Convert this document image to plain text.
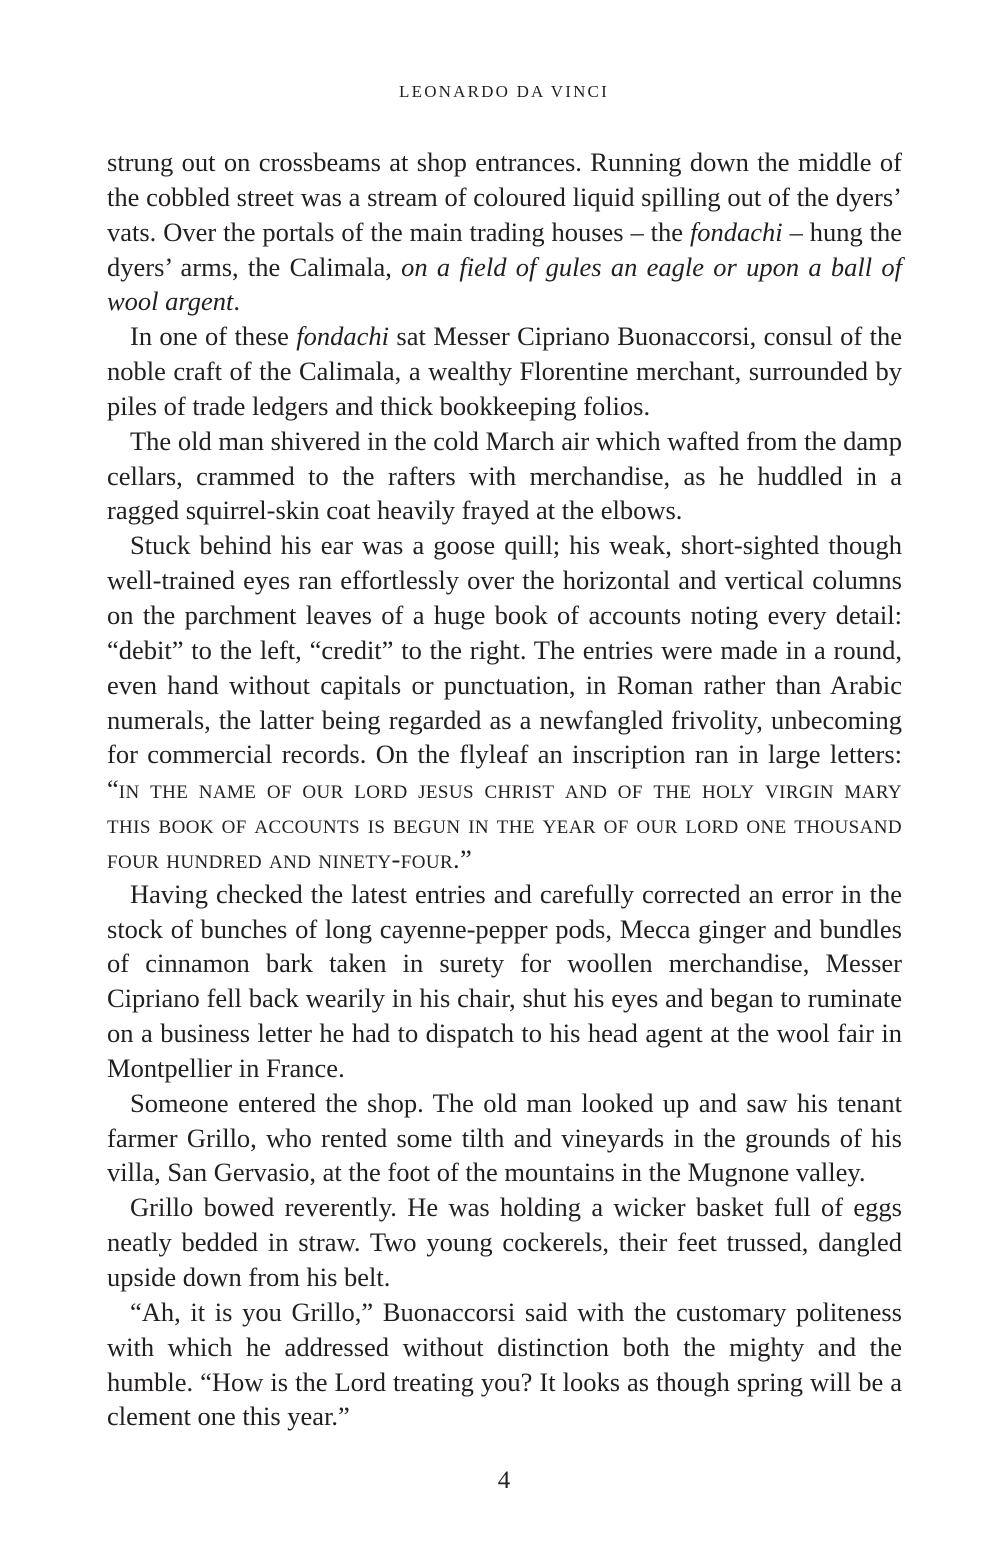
LEONARDO DA VINCI

strung out on crossbeams at shop entrances. Running down the middle of the cobbled street was a stream of coloured liquid spilling out of the dyers’ vats. Over the portals of the main trading houses – the fondachi – hung the dyers’ arms, the Calimala, on a field of gules an eagle or upon a ball of wool argent.

In one of these fondachi sat Messer Cipriano Buonaccorsi, consul of the noble craft of the Calimala, a wealthy Florentine merchant, surrounded by piles of trade ledgers and thick bookkeeping folios.

The old man shivered in the cold March air which wafted from the damp cellars, crammed to the rafters with merchandise, as he huddled in a ragged squirrel-skin coat heavily frayed at the elbows.

Stuck behind his ear was a goose quill; his weak, short-sighted though well-trained eyes ran effortlessly over the horizontal and vertical columns on the parchment leaves of a huge book of accounts noting every detail: “debit” to the left, “credit” to the right. The entries were made in a round, even hand without capitals or punctuation, in Roman rather than Arabic numerals, the latter being regarded as a newfangled frivolity, unbecoming for commercial records. On the flyleaf an inscription ran in large letters: “in the name of our lord jesus christ and of the holy virgin mary this book of accounts is begun in the year of our lord one thousand four hundred and ninety-four.”

Having checked the latest entries and carefully corrected an error in the stock of bunches of long cayenne-pepper pods, Mecca ginger and bundles of cinnamon bark taken in surety for woollen merchandise, Messer Cipriano fell back wearily in his chair, shut his eyes and began to ruminate on a business letter he had to dispatch to his head agent at the wool fair in Montpellier in France.

Someone entered the shop. The old man looked up and saw his tenant farmer Grillo, who rented some tilth and vineyards in the grounds of his villa, San Gervasio, at the foot of the mountains in the Mugnone valley.

Grillo bowed reverently. He was holding a wicker basket full of eggs neatly bedded in straw. Two young cockerels, their feet trussed, dangled upside down from his belt.

“Ah, it is you Grillo,” Buonaccorsi said with the customary politeness with which he addressed without distinction both the mighty and the humble. “How is the Lord treating you? It looks as though spring will be a clement one this year.”

4
